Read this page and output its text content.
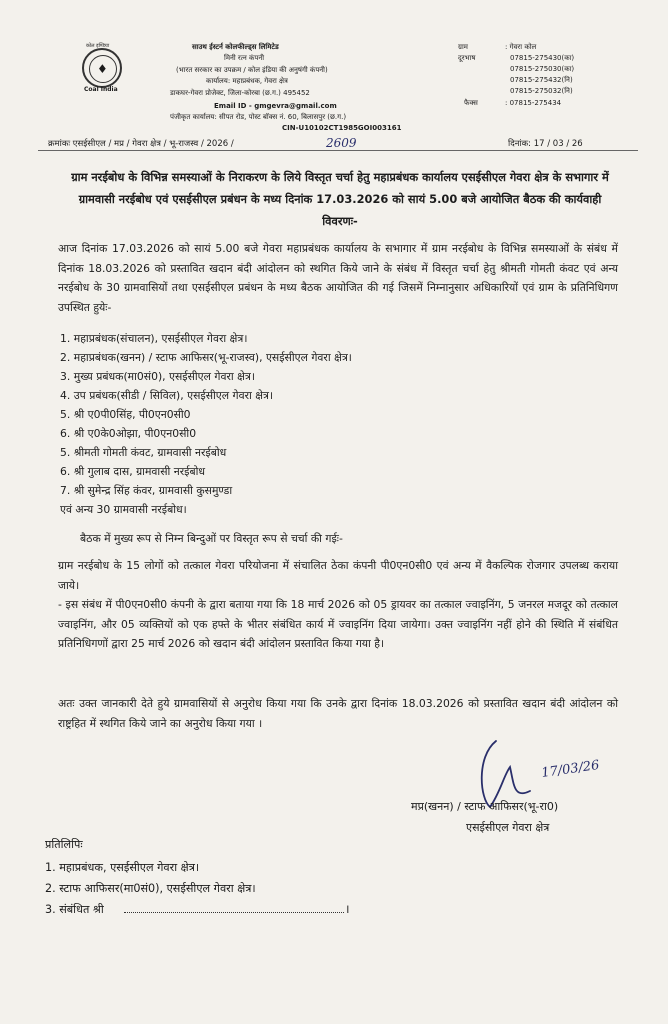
कोल इण्डिया
♦
Coal India
साउथ ईस्टर्न कोलफील्ड्स लिमिटेड
मिनी रत्न कंपनी
(भारत सरकार का उपक्रम / कोल इंडिया की अनुषंगी कंपनी)
कार्यालय: महाप्रबंधक, गेवरा क्षेत्र
डाकघर-गेवरा प्रोजेक्ट, जिला-कोरबा (छ.ग.) 495452
Email ID - gmgevra@gmail.com
पंजीकृत कार्यालय: सीपत रोड, पोस्ट बॉक्स नं. 60, बिलासपुर (छ.ग.)
CIN-U10102CT1985GOI003161
ग्राम	: गेवरा कोल
दूरभाष	07815-275430(का)
07815-275030(का)
07815-275432(नि)
07815-275032(नि)
फैक्स	: 07815-275434
क्रमांकः एसईसीएल / मप्र / गेवरा क्षेत्र / भू-राजस्व / 2026 /	2609	दिनांक: 17 / 03 / 26
ग्राम नरईबोध के विभिन्न समस्याओं के निराकरण के लिये विस्तृत चर्चा हेतु महाप्रबंधक कार्यालय एसईसीएल गेवरा क्षेत्र के सभागार में ग्रामवासी नरईबोध एवं एसईसीएल प्रबंधन के मध्य दिनांक 17.03.2026 को सायं 5.00 बजे आयोजित बैठक की कार्यवाही विवरणः-
आज दिनांक 17.03.2026 को सायं 5.00 बजे गेवरा महाप्रबंधक कार्यालय के सभागार में ग्राम नरईबोध के विभिन्न समस्याओं के संबंध में दिनांक 18.03.2026 को प्रस्तावित खदान बंदी आंदोलन को स्थगित किये जाने के संबंध में विस्तृत चर्चा हेतु श्रीमती गोमती कंवट एवं अन्य नरईबोध के 30 ग्रामवासियों तथा एसईसीएल प्रबंधन के मध्य बैठक आयोजित की गई जिसमें निम्नानुसार अधिकारियों एवं ग्राम के प्रतिनिधिगण उपस्थित हुयेः-
1. महाप्रबंधक(संचालन), एसईसीएल गेवरा क्षेत्र।
2. महाप्रबंधक(खनन) / स्टाफ आफिसर(भू-राजस्व), एसईसीएल गेवरा क्षेत्र।
3. मुख्य प्रबंधक(मा0सं0), एसईसीएल गेवरा क्षेत्र।
4. उप प्रबंधक(सीडी / सिविल), एसईसीएल गेवरा क्षेत्र।
5. श्री ए0पी0सिंह, पी0एन0सी0
6. श्री ए0के0ओझा, पी0एन0सी0
5. श्रीमती गोमती कंवट, ग्रामवासी नरईबोध
6. श्री गुलाब दास, ग्रामवासी नरईबोध
7. श्री सुमेन्द्र सिंह कंवर, ग्रामवासी कुसमुण्डा
एवं अन्य 30 ग्रामवासी नरईबोध।
बैठक में मुख्य रूप से निम्न बिन्दुओं पर विस्तृत रूप से चर्चा की गईः-
ग्राम नरईबोध के 15 लोगों को तत्काल गेवरा परियोजना में संचालित ठेका कंपनी पी0एन0सी0 एवं अन्य में वैकल्पिक रोजगार उपलब्ध कराया जाये।
- इस संबंध में पी0एन0सी0 कंपनी के द्वारा बताया गया कि 18 मार्च 2026 को 05 ड्रायवर का तत्काल ज्वाइनिंग, 5 जनरल मजदूर को तत्काल ज्वाइनिंग, और 05 व्यक्तियों को एक हफ्ते के भीतर संबंधित कार्य में ज्वाइनिंग दिया जायेगा। उक्त ज्वाइनिंग नहीं होने की स्थिति में संबंधित प्रतिनिधिगणों द्वारा 25 मार्च 2026 को खदान बंदी आंदोलन प्रस्तावित किया गया है।
अतः उक्त जानकारी देते हुये ग्रामवासियों से अनुरोध किया गया कि उनके द्वारा दिनांक 18.03.2026 को प्रस्तावित खदान बंदी आंदोलन को राष्ट्रहित में स्थगित किये जाने का अनुरोध किया गया ।
17/03/26
मप्र(खनन) / स्टाफ आफिसर(भू-रा0)
एसईसीएल गेवरा क्षेत्र
प्रतिलिपिः
1. महाप्रबंधक, एसईसीएल गेवरा क्षेत्र।
2. स्टाफ आफिसर(मा0सं0), एसईसीएल गेवरा क्षेत्र।
3. संबंधित श्री	।
